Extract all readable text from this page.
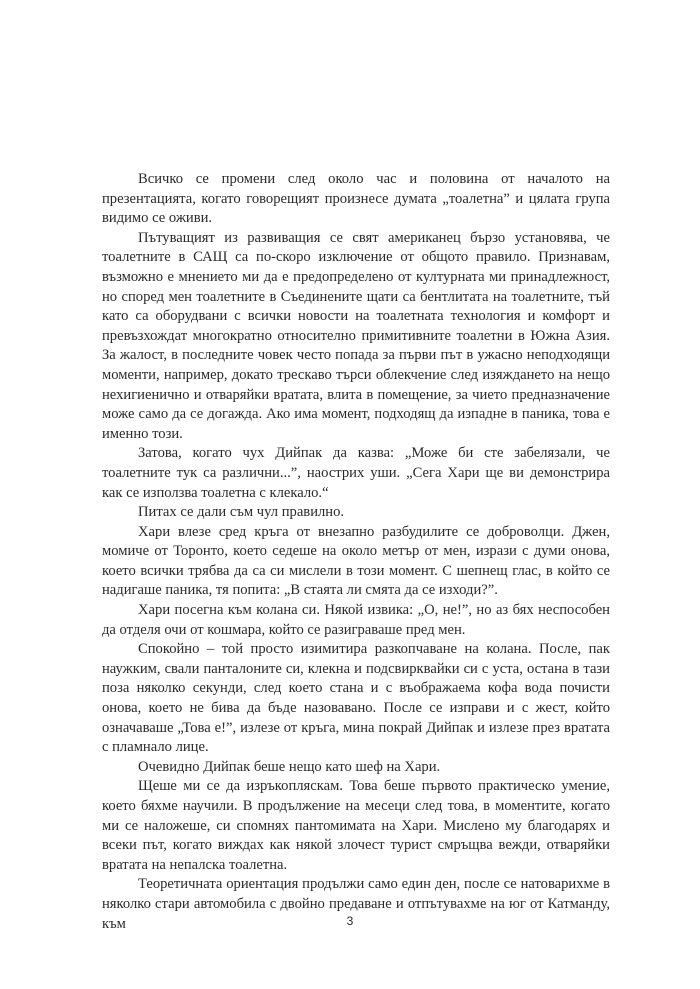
Всичко се промени след около час и половина от началото на презентацията, когато говорещият произнесе думата „тоалетна” и цялата група видимо се оживи.

Пътуващият из развиващия се свят американец бързо установява, че тоалетните в САЩ са по-скоро изключение от общото правило. Признавам, възможно е мнението ми да е предопределено от културната ми принадлежност, но според мен тоалетните в Съединените щати са бентлитата на тоалетните, тъй като са оборудвани с всички новости на тоалетната технология и комфорт и превъзхождат многократно относително примитивните тоалетни в Южна Азия. За жалост, в последните човек често попада за първи път в ужасно неподходящи моменти, например, докато трескаво търси облекчение след изяждането на нещо нехигиенично и отваряйки вратата, влита в помещение, за чието предназначение може само да се догажда. Ако има момент, подходящ да изпадне в паника, това е именно този.

Затова, когато чух Дийпак да казва: „Може би сте забелязали, че тоалетните тук са различни...”, наострих уши. „Сега Хари ще ви демонстрира как се използва тоалетна с клекало.“

Питах се дали съм чул правилно.

Хари влезе сред кръга от внезапно разбудилите се доброволци. Джен, момиче от Торонто, което седеше на около метър от мен, изрази с думи онова, което всички трябва да са си мислели в този момент. С шепнещ глас, в който се надигаше паника, тя попита: „В стаята ли смята да се изходи?”.

Хари посегна към колана си. Някой извика: „О, не!”, но аз бях неспособен да отделя очи от кошмара, който се разиграваше пред мен.

Спокойно – той просто изимитира разкопчаване на колана. После, пак наужким, свали панталоните си, клекна и подсвирквайки си с уста, остана в тази поза няколко секунди, след което стана и с въображаема кофа вода почисти онова, което не бива да бъде назовавано. После се изправи и с жест, който означаваше „Това е!”, излезе от кръга, мина покрай Дийпак и излезе през вратата с пламнало лице.

Очевидно Дийпак беше нещо като шеф на Хари.

Щеше ми се да изръкопляскам. Това беше първото практическо умение, което бяхме научили. В продължение на месеци след това, в моментите, когато ми се наложеше, си спомнях пантомимата на Хари. Мислено му благодарях и всеки път, когато виждах как някой злочест турист смръщва вежди, отваряйки вратата на непалска тоалетна.

Теоретичната ориентация продължи само един ден, после се натоварихме в няколко стари автомобила с двойно предаване и отпътувахме на юг от Катманду, към	3
